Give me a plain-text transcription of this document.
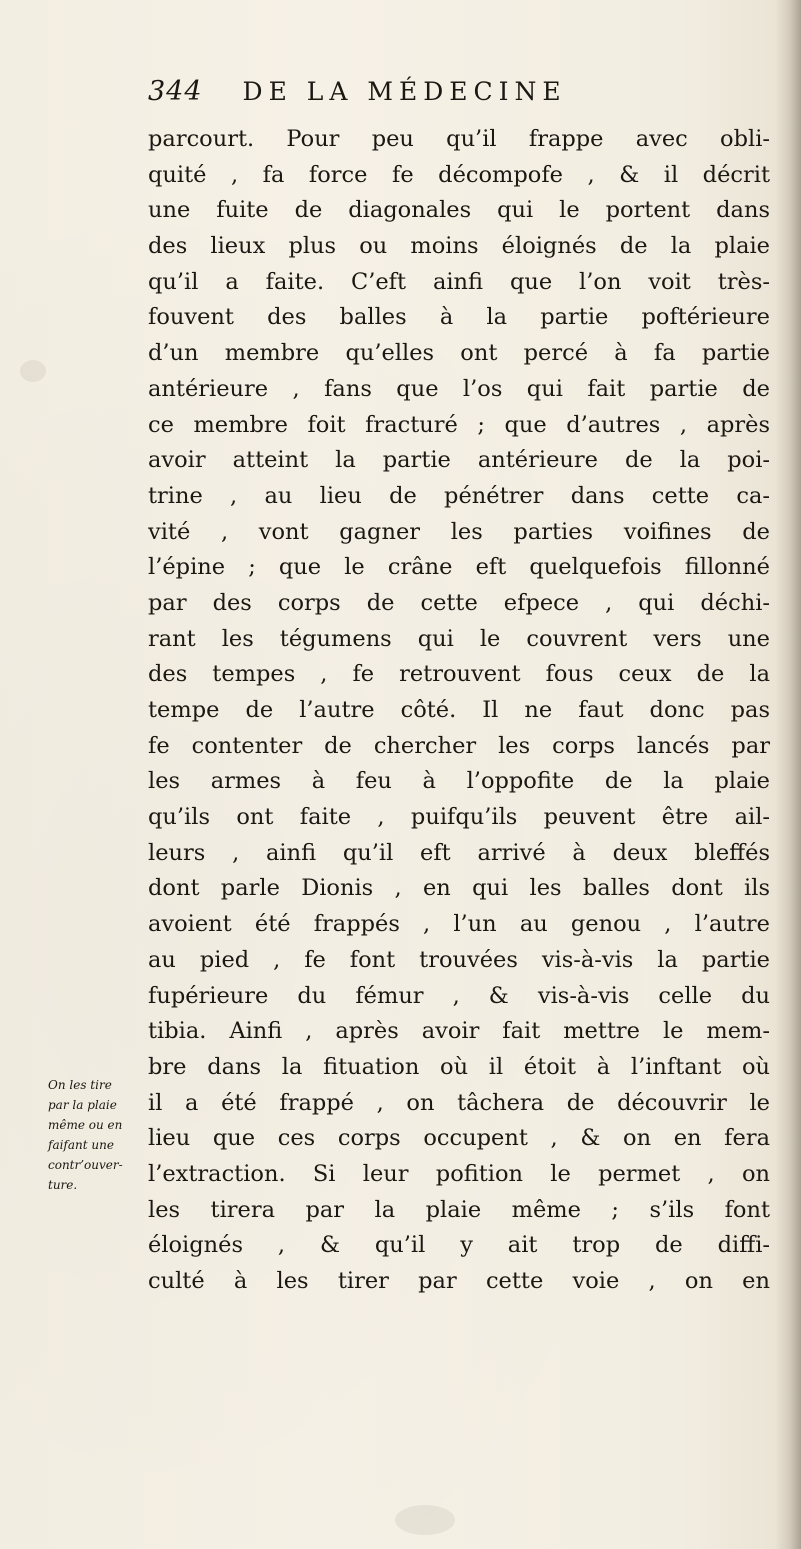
344 DE LA MÉDECINE
parcourt. Pour peu qu’il frappe avec obli-
quité , fa force fe décompofe , & il décrit
une fuite de diagonales qui le portent dans
des lieux plus ou moins éloignés de la plaie
qu’il a faite. C’eft ainfi que l’on voit très-
fouvent des balles à la partie poftérieure
d’un membre qu’elles ont percé à fa partie
antérieure , fans que l’os qui fait partie de
ce membre foit fracturé ; que d’autres , après
avoir atteint la partie antérieure de la poi-
trine , au lieu de pénétrer dans cette ca-
vité , vont gagner les parties voifines de
l’épine ; que le crâne eft quelquefois fillonné
par des corps de cette efpece , qui déchi-
rant les tégumens qui le couvrent vers une
des tempes , fe retrouvent fous ceux de la
tempe de l’autre côté. Il ne faut donc pas
fe contenter de chercher les corps lancés par
les armes à feu à l’oppofite de la plaie
qu’ils ont faite , puifqu’ils peuvent être ail-
leurs , ainfi qu’il eft arrivé à deux bleffés
dont parle Dionis , en qui les balles dont ils
avoient été frappés , l’un au genou , l’autre
au pied , fe font trouvées vis-à-vis la partie
fupérieure du fémur , & vis-à-vis celle du
tibia. Ainfi , après avoir fait mettre le mem-
bre dans la fituation où il étoit à l’inftant où
il a été frappé , on tâchera de découvrir le
lieu que ces corps occupent , & on en fera
l’extraction. Si leur pofition le permet , on
les tirera par la plaie même ; s’ils font
éloignés , & qu’il y ait trop de diffi-
culté à les tirer par cette voie , on en
On les tire
par la plaie
même ou en
faifant une
contr’ouver-
ture.
